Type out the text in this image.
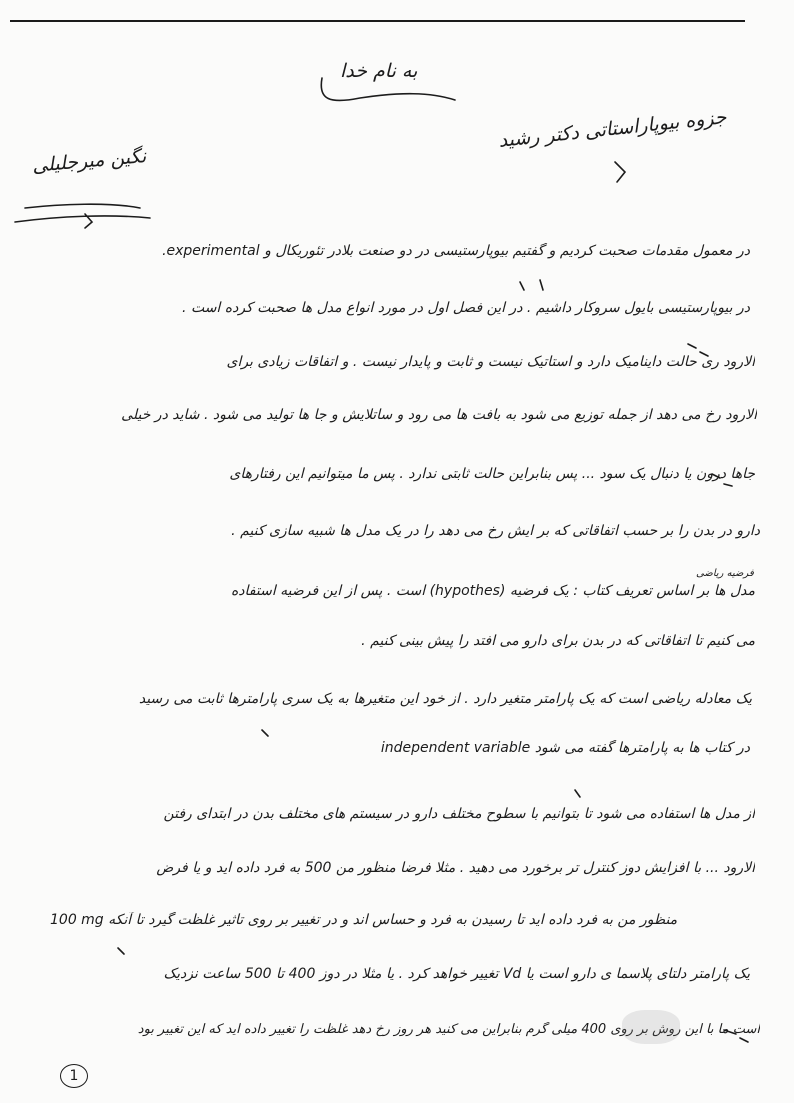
به نام خدا
جزوه بیوپاراستاتی دکتر رشید
نگین میرجلیلی
فرضیه ریاضی
در معمول مقدمات صحبت کردیم و گفتیم بیوپارستیسی در دو صنعت بلادر تئوریکال و experimental.
در بیوپارستیسی بایول سروکار داشیم . در این فصل اول در مورد انواع مدل ها صحبت کرده است .
الارود ری حالت داینامیک دارد و استاتیک نیست و ثابت و پایدار نیست . و اتفاقات زیادی برای
الارود رخ می دهد از جمله توزیع می شود به بافت ها می رود و ساتلایش و جا ها تولید می شود . شاید در خیلی
جاها درون یا دنبال یک سود ... پس بنابراین حالت ثابتی ندارد . پس ما میتوانیم این رفتارهای
دارو در بدن را بر حسب اتفاقاتی که بر ایش رخ می دهد را در یک مدل ها شبیه سازی کنیم .
مدل ها بر اساس تعریف کتاب : یک فرضیه (hypothes) است . پس از این فرضیه استفاده
می کنیم تا اتفاقاتی که در بدن برای دارو می افتد را پیش بینی کنیم .
یک معادله ریاضی است که یک پارامتر متغیر دارد . از خود این متغیرها به یک سری پارامترها ثابت می رسید
در کتاب ها به پارامترها گفته می شود independent variable
از مدل ها استفاده می شود تا بتوانیم با سطوح مختلف دارو در سیستم های مختلف بدن در ابتدای رفتن
الارود ... با افزایش دوز کنترل تر برخورد می دهید . مثلا فرضا منظور من 500 به فرد داده اید و یا فرض
100 mg منظور من به فرد داده اید تا رسیدن به فرد و حساس اند و در تغییر بر روی تاثیر غلظت گیرد تا آنکه
یک پارامتر دلتای پلاسما ی دارو است یا Vd تغییر خواهد کرد . یا مثلا در دوز 400 تا 500 ساعت نزدیک
است ما با این روش بر روی 400 میلی گرم بنابراین می کنید هر روز رخ دهد غلظت را تغییر داده اید که این تغییر بود
1
